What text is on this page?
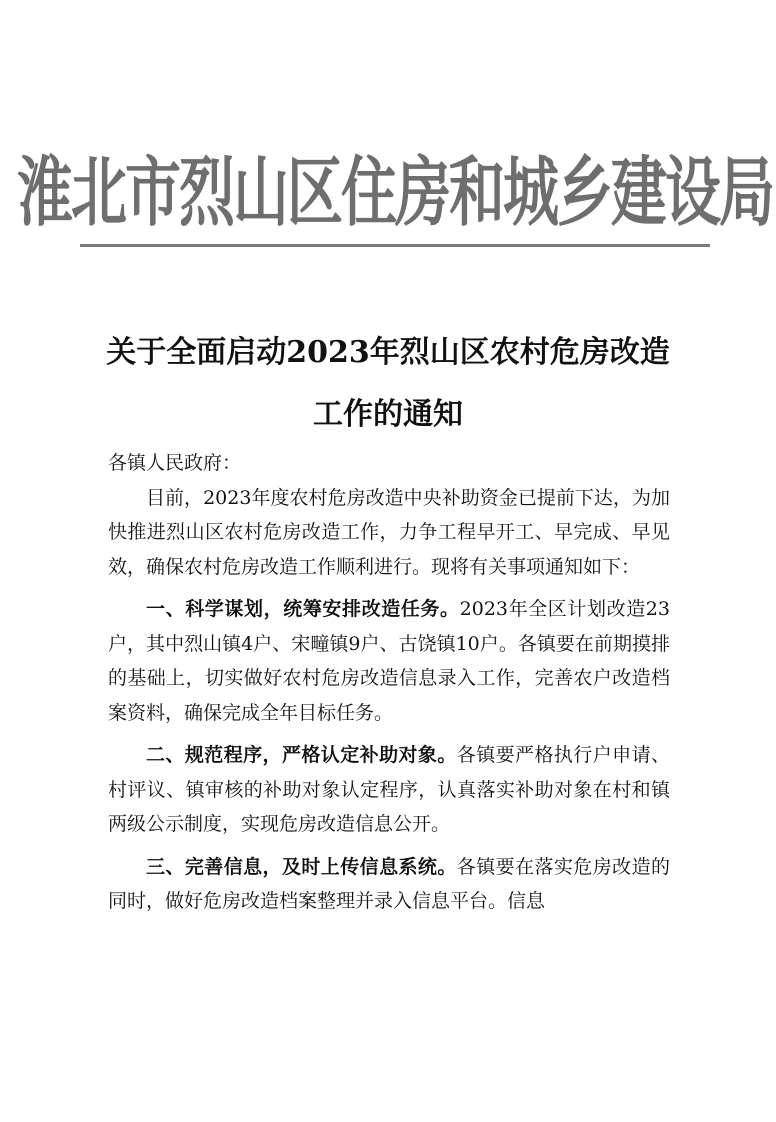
淮北市烈山区住房和城乡建设局
关于全面启动2023年烈山区农村危房改造
工作的通知

各镇人民政府：

目前，2023年度农村危房改造中央补助资金已提前下达，为加快推进烈山区农村危房改造工作，力争工程早开工、早完成、早见效，确保农村危房改造工作顺利进行。现将有关事项通知如下：

一、科学谋划，统筹安排改造任务。2023年全区计划改造23户，其中烈山镇4户、宋疃镇9户、古饶镇10户。各镇要在前期摸排的基础上，切实做好农村危房改造信息录入工作，完善农户改造档案资料，确保完成全年目标任务。

二、规范程序，严格认定补助对象。各镇要严格执行户申请、村评议、镇审核的补助对象认定程序，认真落实补助对象在村和镇两级公示制度，实现危房改造信息公开。

三、完善信息，及时上传信息系统。各镇要在落实危房改造的同时，做好危房改造档案整理并录入信息平台。信息
